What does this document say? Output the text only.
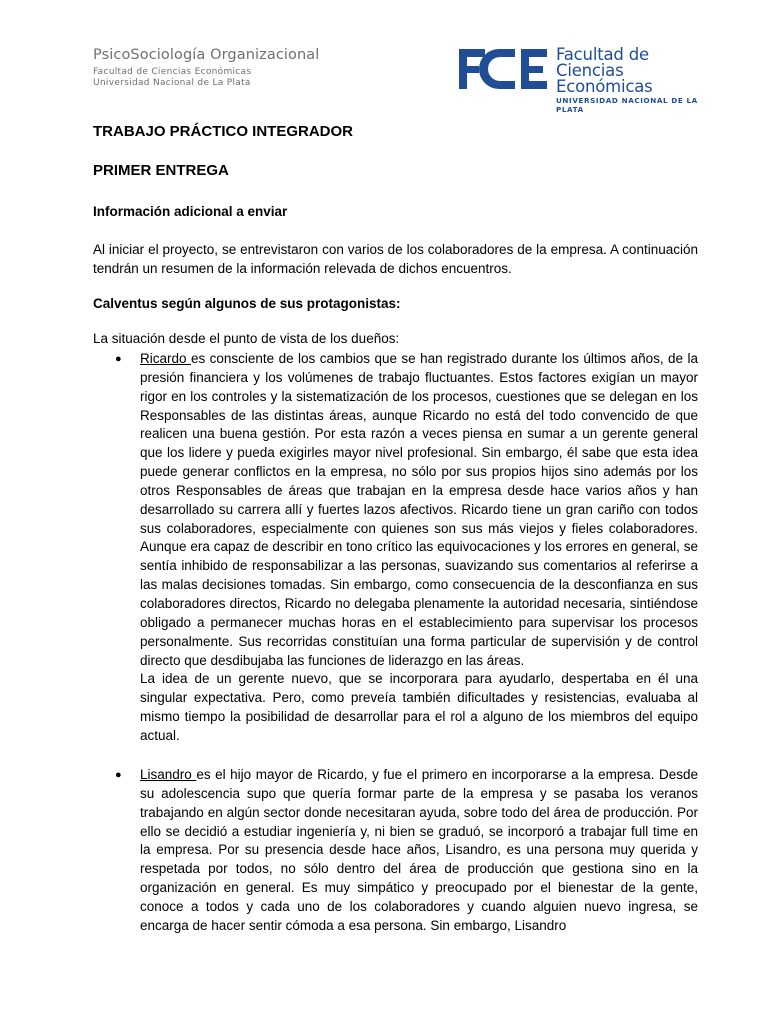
PsicoSociología Organizacional
Facultad de Ciencias Económicas
Universidad Nacional de La Plata
FCE
Facultad de
Ciencias Económicas
UNIVERSIDAD NACIONAL DE LA PLATA
TRABAJO PRÁCTICO INTEGRADOR
PRIMER ENTREGA
Información adicional a enviar
Al iniciar el proyecto, se entrevistaron con varios de los colaboradores de la empresa. A continuación tendrán un resumen de la información relevada de dichos encuentros.
Calventus según algunos de sus protagonistas:
La situación desde el punto de vista de los dueños:
● Ricardo es consciente de los cambios que se han registrado durante los últimos años, de la presión financiera y los volúmenes de trabajo fluctuantes. Estos factores exigían un mayor rigor en los controles y la sistematización de los procesos, cuestiones que se delegan en los Responsables de las distintas áreas, aunque Ricardo no está del todo convencido de que realicen una buena gestión. Por esta razón a veces piensa en sumar a un gerente general que los lidere y pueda exigirles mayor nivel profesional. Sin embargo, él sabe que esta idea puede generar conflictos en la empresa, no sólo por sus propios hijos sino además por los otros Responsables de áreas que trabajan en la empresa desde hace varios años y han desarrollado su carrera allí y fuertes lazos afectivos. Ricardo tiene un gran cariño con todos sus colaboradores, especialmente con quienes son sus más viejos y fieles colaboradores. Aunque era capaz de describir en tono crítico las equivocaciones y los errores en general, se sentía inhibido de responsabilizar a las personas, suavizando sus comentarios al referirse a las malas decisiones tomadas. Sin embargo, como consecuencia de la desconfianza en sus colaboradores directos, Ricardo no delegaba plenamente la autoridad necesaria, sintiéndose obligado a permanecer muchas horas en el establecimiento para supervisar los procesos personalmente. Sus recorridas constituían una forma particular de supervisión y de control directo que desdibujaba las funciones de liderazgo en las áreas.

La idea de un gerente nuevo, que se incorporara para ayudarlo, despertaba en él una singular expectativa. Pero, como preveía también dificultades y resistencias, evaluaba al mismo tiempo la posibilidad de desarrollar para el rol a alguno de los miembros del equipo actual.

● Lisandro es el hijo mayor de Ricardo, y fue el primero en incorporarse a la empresa. Desde su adolescencia supo que quería formar parte de la empresa y se pasaba los veranos trabajando en algún sector donde necesitaran ayuda, sobre todo del área de producción. Por ello se decidió a estudiar ingeniería y, ni bien se graduó, se incorporó a trabajar full time en la empresa. Por su presencia desde hace años, Lisandro, es una persona muy querida y respetada por todos, no sólo dentro del área de producción que gestiona sino en la organización en general. Es muy simpático y preocupado por el bienestar de la gente, conoce a todos y cada uno de los colaboradores y cuando alguien nuevo ingresa, se encarga de hacer sentir cómoda a esa persona. Sin embargo, Lisandro
